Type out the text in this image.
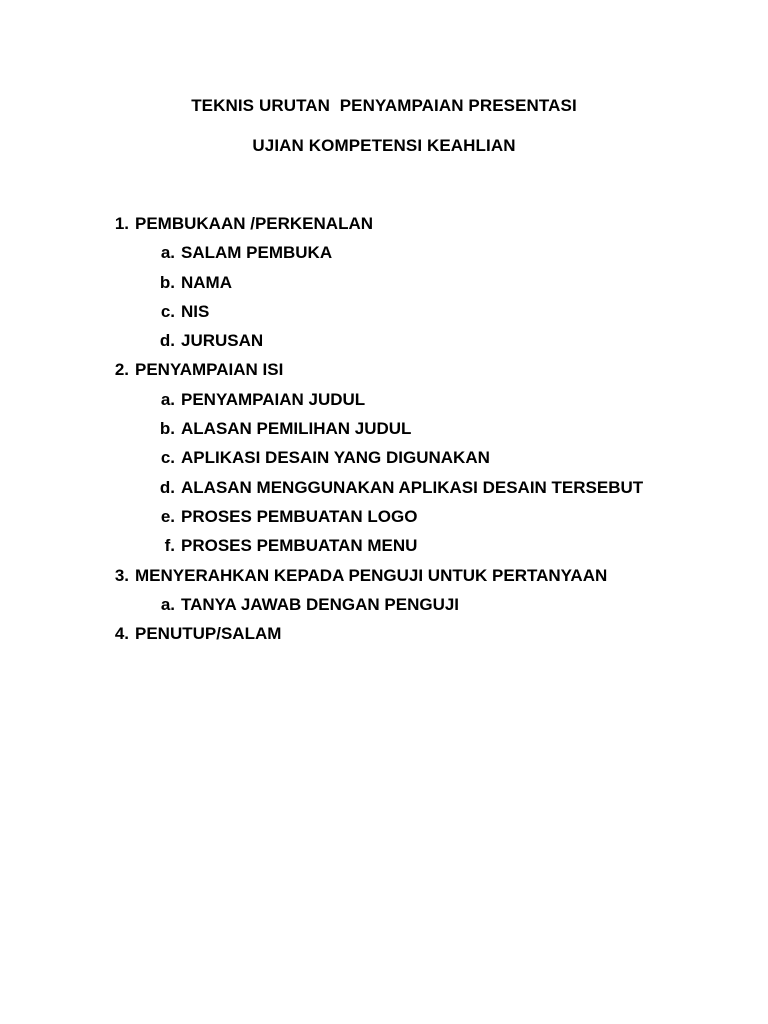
TEKNIS URUTAN  PENYAMPAIAN PRESENTASI
UJIAN KOMPETENSI KEAHLIAN
1. PEMBUKAAN /PERKENALAN
a. SALAM PEMBUKA
b. NAMA
c. NIS
d. JURUSAN
2. PENYAMPAIAN ISI
a. PENYAMPAIAN JUDUL
b. ALASAN PEMILIHAN JUDUL
c. APLIKASI DESAIN YANG DIGUNAKAN
d. ALASAN MENGGUNAKAN APLIKASI DESAIN TERSEBUT
e. PROSES PEMBUATAN LOGO
f. PROSES PEMBUATAN MENU
3. MENYERAHKAN KEPADA PENGUJI UNTUK PERTANYAAN
a. TANYA JAWAB DENGAN PENGUJI
4. PENUTUP/SALAM
